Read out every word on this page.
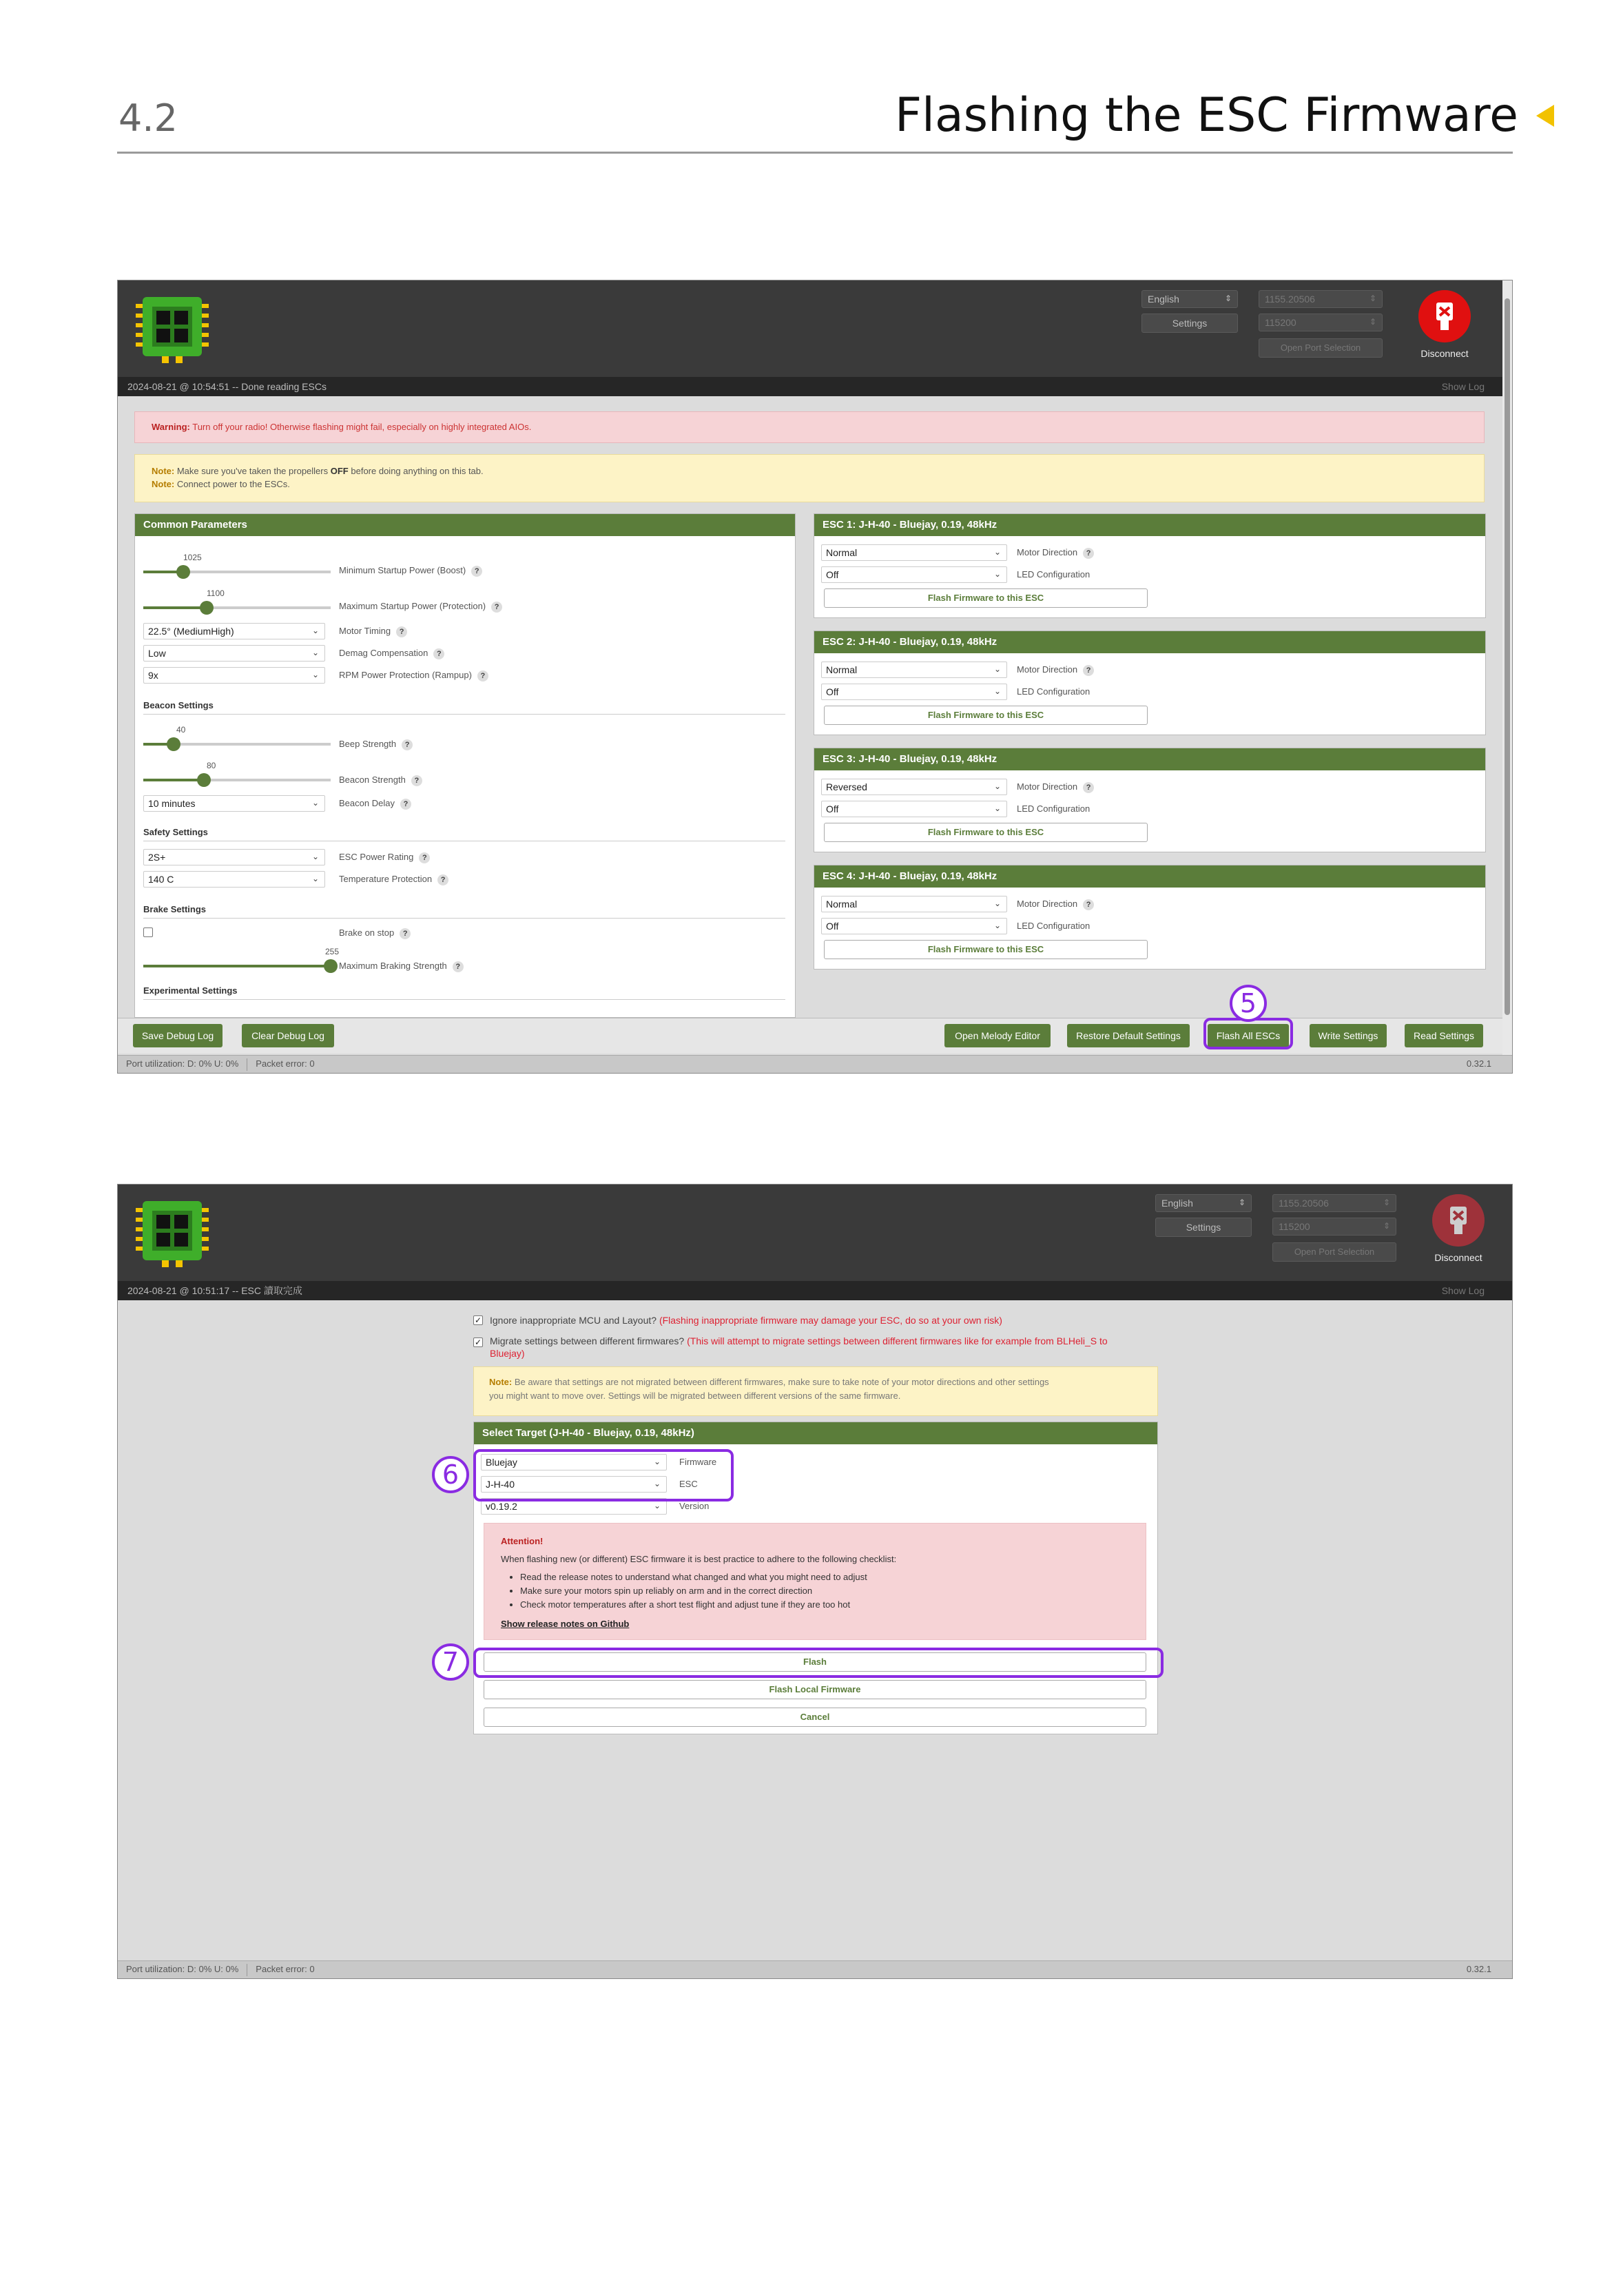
4.2	Flashing the ESC Firmware
English	⇕
Settings
1155.20506	⇕
115200	⇕
Open Port Selection
Disconnect
2024-08-21 @ 10:54:51 -- Done reading ESCs	Show Log
Warning: Turn off your radio! Otherwise flashing might fail, especially on highly integrated AIOs.
Note: Make sure you've taken the propellers OFF before doing anything on this tab.
Note: Connect power to the ESCs.
Common Parameters
1025
Minimum Startup Power (Boost) ?
1100
Maximum Startup Power (Protection) ?
22.5° (MediumHigh)	⌄ Motor Timing ?
Low	⌄ Demag Compensation ?
9x	⌄ RPM Power Protection (Rampup) ?
Beacon Settings
40
Beep Strength ?
80
Beacon Strength ?
10 minutes	⌄ Beacon Delay ?
Safety Settings
2S+	⌄ ESC Power Rating ?
140 C	⌄ Temperature Protection ?
Brake Settings
Brake on stop ?
255
Maximum Braking Strength ?
Experimental Settings
ESC 1: J-H-40 - Bluejay, 0.19, 48kHz
Normal	⌄ Motor Direction ?
Off	⌄ LED Configuration
Flash Firmware to this ESC
ESC 2: J-H-40 - Bluejay, 0.19, 48kHz
Normal	⌄ Motor Direction ?
Off	⌄ LED Configuration
Flash Firmware to this ESC
ESC 3: J-H-40 - Bluejay, 0.19, 48kHz
Reversed	⌄ Motor Direction ?
Off	⌄ LED Configuration
Flash Firmware to this ESC
ESC 4: J-H-40 - Bluejay, 0.19, 48kHz
Normal	⌄ Motor Direction ?
Off	⌄ LED Configuration
Flash Firmware to this ESC
Save Debug Log	Clear Debug Log	Open Melody Editor	Restore Default Settings	Flash All ESCs	Write Settings	Read Settings
5
Port utilization: D: 0% U: 0% Packet error: 0	0.32.1
English	⇕
Settings
1155.20506	⇕
115200	⇕
Open Port Selection
Disconnect
2024-08-21 @ 10:51:17 -- ESC 讀取完成	Show Log
✓ Ignore inappropriate MCU and Layout? (Flashing inappropriate firmware may damage your ESC, do so at your own risk)
✓ Migrate settings between different firmwares? (This will attempt to migrate settings between different firmwares like for example from BLHeli_S to
Bluejay)
Note: Be aware that settings are not migrated between different firmwares, make sure to take note of your motor directions and other settings
you might want to move over. Settings will be migrated between different versions of the same firmware.
Select Target (J-H-40 - Bluejay, 0.19, 48kHz)
Bluejay	⌄ Firmware
J-H-40	⌄ ESC
v0.19.2	⌄ Version
Attention!
When flashing new (or different) ESC firmware it is best practice to adhere to the following checklist:
• Read the release notes to understand what changed and what you might need to adjust
• Make sure your motors spin up reliably on arm and in the correct direction
• Check motor temperatures after a short test flight and adjust tune if they are too hot
Show release notes on Github
Flash
Flash Local Firmware
Cancel
6
7
Port utilization: D: 0% U: 0% Packet error: 0	0.32.1
